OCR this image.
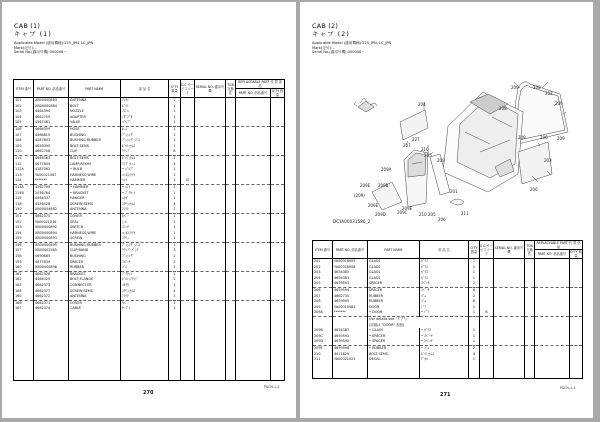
CAB (1)
キャブ (1)
Applicable Model (適用機種):225_JPN, LC_JPN
Mark(記号): -
Serial No.(適用号機):300008~
ITEM 番号	PART NO. 部品番号	PART NAME	部 品 名	Q'TY 数量	S.C サービスコード	SERIAL NO. 適用号機	TGB 互換性	REPLACEABLE PART 代 替 部 品	
								PART NO. 部品番号	Q'TY 数量
101	XB00000883	ANTENNA	ｱﾝﾃﾅ	1					
102	XB00000884	BOLT	ﾎﾞﾙﾄ	1					
103	4464394	NOZZLE	ﾉｽﾞﾙ	1					
104	4662759	ADAPTER	ｱﾀﾞﾌﾟﾀ	1					
105	4367481	VALVE	ﾊﾞﾙﾌﾞ	1					
106	4666359	HOSE	ﾎｰｽ	1					
107	4466815	BUSHING	ﾌﾞｯｼﾝｸﾞ	1					
108	4287803	BUSHING;RUBBER	ﾌﾞｯｼﾝｸﾞ;ｺﾞﾑ	1					
109	4658095	BOLT;SEMS	ﾎﾞﾙﾄ;ｾﾑｽ	1					
110	4662758	CLIP	ｸﾘｯﾌﾟ	6					
111	4666363	BOLT;SEMS	ﾎﾞﾙﾄ;ｾﾑｽ	1					
112	4677809	LAMP;ROOM	ﾗﾝﾌﾟ;ﾙｰﾑ	1					
112A	4187063	• BULB	• ﾊﾞﾙﾌﾞ	1					
113	YA00021067	HARNESS;WIRE	ﾊｰﾈｽ;ﾜｲﾔ	1					
114	*******	HAMMER	ﾊﾝﾏ	1	B				
114A	4362790	• HAMMER	• ﾊﾝﾏ	1					
114B	2036764	• BRACKET	• ﾌﾞﾗｹｯﾄ	1					
115	4464337	HANGER	ﾊﾝｶﾞ	1					
116	4456428	SCREW;SEMS	ｽｸﾘｭ;ｾﾑｽ	4					
150	XB00004882	ANTENNA	ｱﾝﾃﾅ	1					
151	4662370	COVER	ｶﾊﾞｰ	1					
152	YA00021016	SEAL	ｼｰﾙ	2					
153	XB00000892	SWITCH	ｽｲｯﾁ	1					
154	XB00000894	HARNESS;WIRE	ﾊｰﾈｽ;ﾜｲﾔ	1					
155	XB00000893	SCREW	ｽｸﾘｭ	1					
156	XB00000895	BUSHING;RUBBER	ﾌﾞｯｼﾝｸﾞ;ｺﾞﾑ	1					
157	XB00002565	CLIP;BAND	ｸﾘｯﾌﾟ;ﾊﾞﾝﾄﾞ	3					
158	4690685	BUSHING	ﾌﾞｯｼﾝｸﾞ	2					
159	4677839	SPACER	ｽﾍﾟｰｻ	2					
160	XB00000896	RUBBER	ｺﾞﾑ	1					
161	4662376	BRACKET	ﾌﾞﾗｹｯﾄ	1					
162	4464329	BOLT;FLANGE	ﾎﾞﾙﾄ;ﾌﾗﾝｼﾞ	2					
163	4662373	CONNECTOR	ｺﾈｸﾀ	1					
164	4662377	SCREW;SEMS	ｽｸﾘｭ;ｾﾑｽ	4					
165	4662372	ANTENNA	ｱﾝﾃﾅ	1					
166	4662371	COVER	ｶﾊﾞｰ	1					
167	4662374	CABLE	ｹｰﾌﾞﾙ	1					

P0CN-1-2
270
CAB (2)
キャブ (2)
Applicable Model (適用機種):225_JPN, LC_JPN
Mark(記号): -
Serial No.(適用号機):300008~
204
207
227
209	208
202
209
208
209	206 209
203
206
210
205
209
209A
201
209E 209B
(209)
209E
209D	209C
209E
210 205
206
211
DCYA00031586_2
ITEM 番号	PART NO. 部品番号	PART NAME	部 品 名	Q'TY 数量	S.C サービスコード	SERIAL NO. 適用号機	TGB 互換性	REPLACEABLE PART 代 替 部 品	
								PART NO. 部品番号	Q'TY 数量
201	YA00018909	GLASS	ｶﾞﾗｽ	1					
202	YA00018908	GLASS	ｶﾞﾗｽ	1					
203	4654385	GLASS	ｶﾞﾗｽ	1					
204	4654383	GLASS	ｶﾞﾗｽ	1					
205	4659593	SPACER	ｽﾍﾟｰｻ	2					
206	4659594	SPACER	ｽﾍﾟｰｻ	6					
207	4662735	RUBBER	ｺﾞﾑ	2					
208	4659595	RUBBER	ｺﾞﾑ	6					
209	YA00010481	DOOR	ﾄﾞｱ	1					
209A	*******	• DOOR	• ﾄﾞｱ	1	B				
		(for details see "ドア")							
		(詳細は "DOOR" 参照)							
209B	4654387	• GLASS	• ｶﾞﾗｽ	1					
209C	4659592	• SPACER	• ｽﾍﾟｰｻ	1					
209D	4659592	• SPACER	• ｽﾍﾟｰｻ	1					
209E	4659596	• RUBBER	• ｺﾞﾑ	2					
210	4411829	BOLT;SEMS	ﾎﾞﾙﾄ;ｾﾑｽ	4					
211	YA00021023	DECAL	ﾃﾞｶﾙ	1					

P0CN-1-2
271
